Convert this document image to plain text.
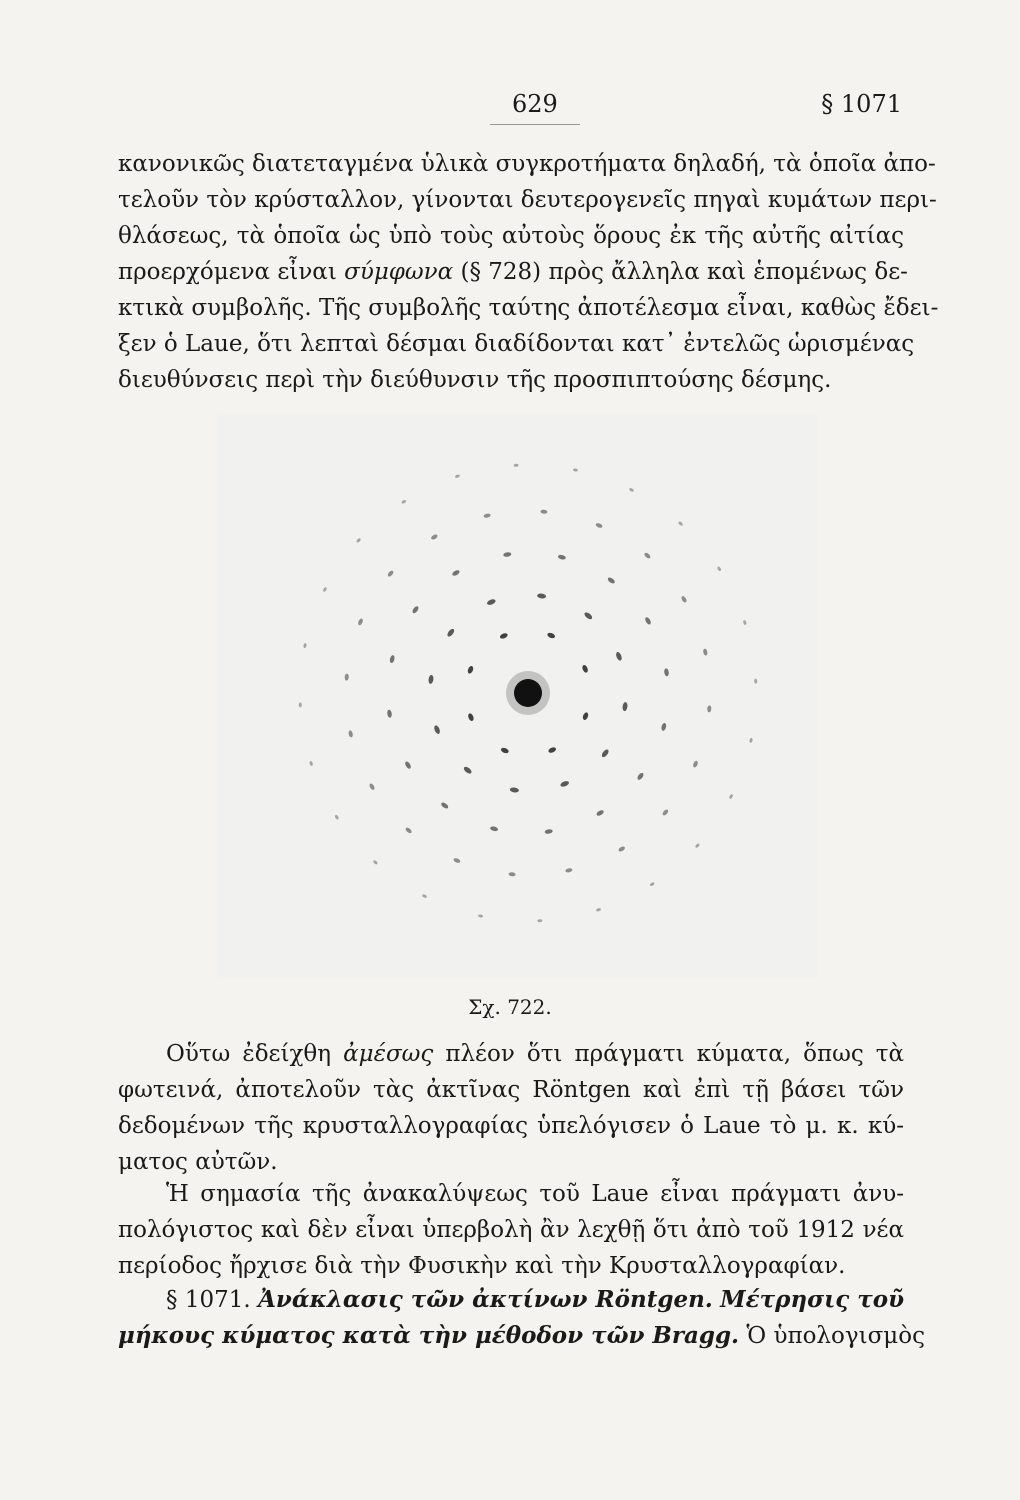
629	§ 1071
κανονικῶς διατεταγμένα ὑλικὰ συγκροτήματα δηλαδή, τὰ ὁποῖα ἀπο-
τελοῦν τὸν κρύσταλλον, γίνονται δευτερογενεῖς πηγαὶ κυμάτων περι-
θλάσεως, τὰ ὁποῖα ὡς ὑπὸ τοὺς αὐτοὺς ὅρους ἐκ τῆς αὐτῆς αἰτίας
προερχόμενα εἶναι σύμφωνα (§ 728) πρὸς ἄλληλα καὶ ἑπομένως δε-
κτικὰ συμβολῆς. Τῆς συμβολῆς ταύτης ἀποτέλεσμα εἶναι, καθὼς ἔδει-
ξεν ὁ Laue, ὅτι λεπταὶ δέσμαι διαδίδονται κατ᾽ ἐντελῶς ὡρισμένας
διευθύνσεις περὶ τὴν διεύθυνσιν τῆς προσπιπτούσης δέσμης.
Σχ. 722.
Οὕτω ἐδείχθη ἀμέσως πλέον ὅτι πράγματι κύματα, ὅπως τὰ
φωτεινά, ἀποτελοῦν τὰς ἀκτῖνας Röntgen καὶ ἐπὶ τῇ βάσει τῶν
δεδομένων τῆς κρυσταλλογραφίας ὑπελόγισεν ὁ Laue τὸ μ. κ. κύ-
ματος αὐτῶν.
Ἡ σημασία τῆς ἀνακαλύψεως τοῦ Laue εἶναι πράγματι ἀνυ-
πολόγιστος καὶ δὲν εἶναι ὑπερβολὴ ἂν λεχθῇ ὅτι ἀπὸ τοῦ 1912 νέα
περίοδος ἤρχισε διὰ τὴν Φυσικὴν καὶ τὴν Κρυσταλλογραφίαν.
§ 1071. Ἀνάκλασις τῶν ἀκτίνων Röntgen. Μέτρησις τοῦ
μήκους κύματος κατὰ τὴν μέθοδον τῶν Bragg. Ὁ ὑπολογισμὸς
